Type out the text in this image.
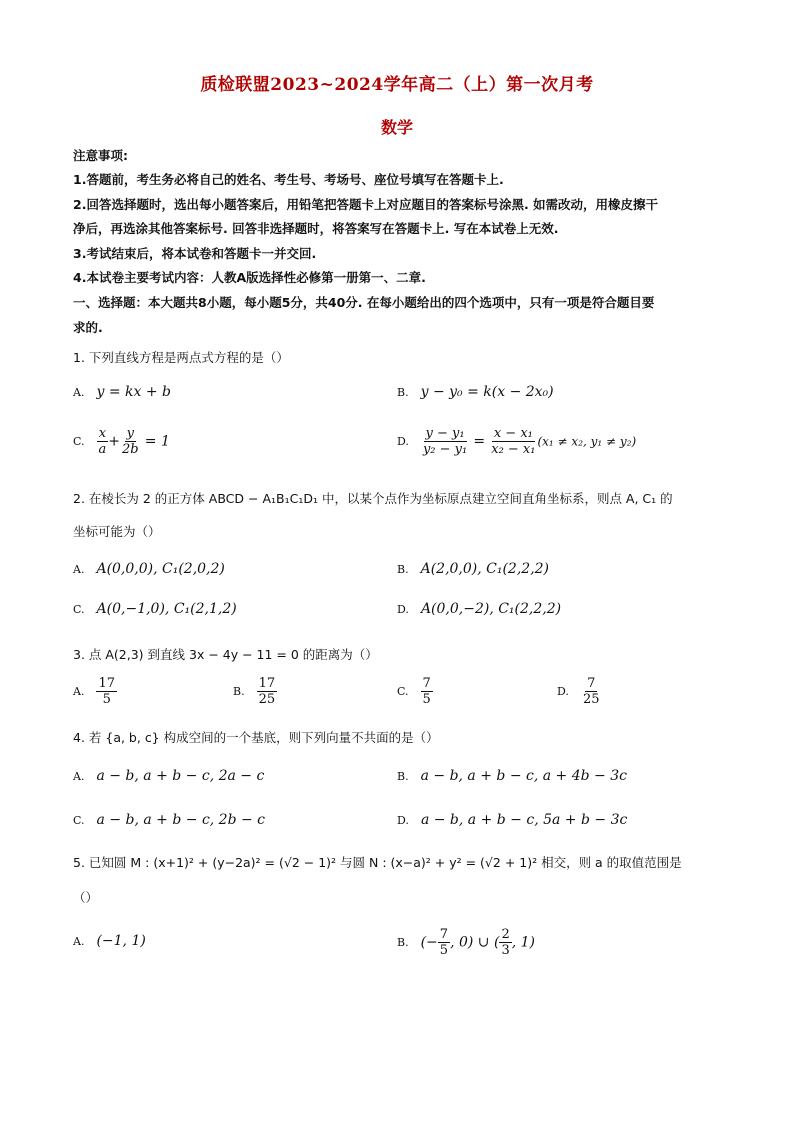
质检联盟2023~2024学年高二（上）第一次月考
数学
注意事项:
1.答题前，考生务必将自己的姓名、考生号、考场号、座位号填写在答题卡上.
2.回答选择题时，选出每小题答案后，用铅笔把答题卡上对应题目的答案标号涂黑. 如需改动，用橡皮擦干
净后，再选涂其他答案标号. 回答非选择题时，将答案写在答题卡上. 写在本试卷上无效.
3.考试结束后，将本试卷和答题卡一并交回.
4.本试卷主要考试内容：人教A版选择性必修第一册第一、二章.
一、选择题：本大题共8小题，每小题5分，共40分. 在每小题给出的四个选项中，只有一项是符合题目要
求的.
1. 下列直线方程是两点式方程的是（）
A. y = kx + b	B. y − y₀ = k(x − 2x₀)
C. $\frac{x}{a} + \frac{y}{2b} = 1$	D. $\frac{\text{y − y₁}}{\text{y₂ − y₁}} = \frac{\text{x − x₁}}{\text{x₂ − x₁}} (x_1 \ne x_2$, y₁ ≠ y₂)
2. 在棱长为 2 的正方体 ABCD − A₁B₁C₁D₁ 中，以某个点作为坐标原点建立空间直角坐标系，则点 A, C₁ 的
坐标可能为（）
A. A(0,0,0), C₁(2,0,2)	B. A(2,0,0), C₁(2,2,2)
C. A(0,−1,0), C₁(2,1,2)	D. A(0,0,−2), C₁(2,2,2)
3. 点 A(2,3) 到直线 3x − 4y − 11 = 0 的距离为（）
A. $\frac{17}{5}$	B. $\frac{17}{25}$	C. $\frac{7}{5}$	D. $\frac{7}{25}$
4. 若 {a, b, c} 构成空间的一个基底，则下列向量不共面的是（）
A. a − b, a + b − c, 2a − c	B. a − b, a + b − c, a + 4b − 3c
C. a − b, a + b − c, 2b − c	D. a − b, a + b − c, 5a + b − 3c
5. 已知圆 M : (x+1)² + (y−2a)² = (√2 − 1)² 与圆 N : (x−a)² + y² = (√2 + 1)² 相交，则 a 的取值范围是
（）
A. (−1, 1)	B. (− $\frac{7}{5}$ , 0) ∪ ( $\frac{2}{3}$ , 1)
